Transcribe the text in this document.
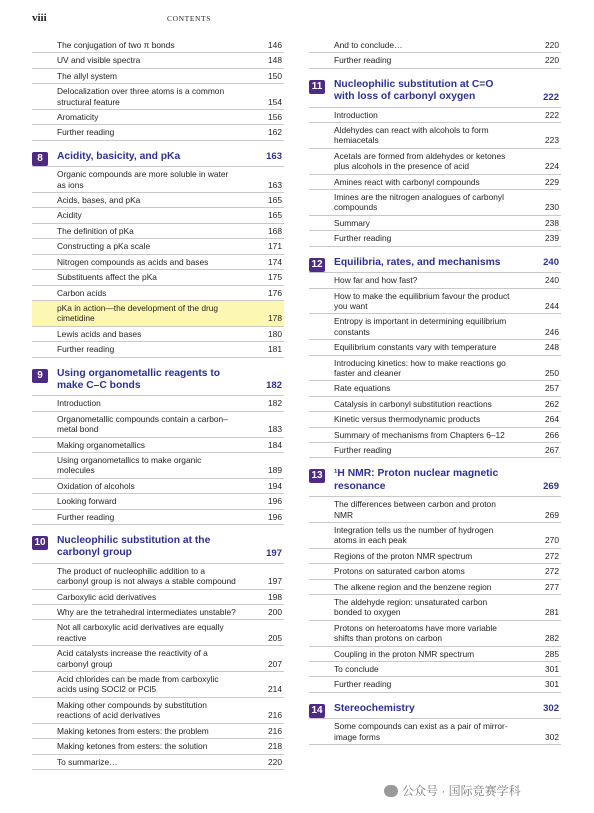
viii	CONTENTS
The conjugation of two π bonds	146
UV and visible spectra	148
The allyl system	150
Delocalization over three atoms is a common structural feature	154
Aromaticity	156
Further reading	162
8	Acidity, basicity, and pKa	163
Organic compounds are more soluble in water as ions	163
Acids, bases, and pKa	165
Acidity	165
The definition of pKa	168
Constructing a pKa scale	171
Nitrogen compounds as acids and bases	174
Substituents affect the pKa	175
Carbon acids	176
pKa in action—the development of the drug cimetidine	178
Lewis acids and bases	180
Further reading	181
9	Using organometallic reagents to make C–C bonds	182
Introduction	182
Organometallic compounds contain a carbon–metal bond	183
Making organometallics	184
Using organometallics to make organic molecules	189
Oxidation of alcohols	194
Looking forward	196
Further reading	196
10 Nucleophilic substitution at the carbonyl group	197
The product of nucleophilic addition to a carbonyl group is not always a stable compound	197
Carboxylic acid derivatives	198
Why are the tetrahedral intermediates unstable?	200
Not all carboxylic acid derivatives are equally reactive	205
Acid catalysts increase the reactivity of a carbonyl group	207
Acid chlorides can be made from carboxylic acids using SOCl2 or PCl5	214
Making other compounds by substitution reactions of acid derivatives	216
Making ketones from esters: the problem	216
Making ketones from esters: the solution	218
To summarize…	220
And to conclude…	220
Further reading	220
11 Nucleophilic substitution at C=O with loss of carbonyl oxygen	222
Introduction	222
Aldehydes can react with alcohols to form hemiacetals	223
Acetals are formed from aldehydes or ketones plus alcohols in the presence of acid	224
Amines react with carbonyl compounds	229
Imines are the nitrogen analogues of carbonyl compounds	230
Summary	238
Further reading	239
12 Equilibria, rates, and mechanisms	240
How far and how fast?	240
How to make the equilibrium favour the product you want	244
Entropy is important in determining equilibrium constants	246
Equilibrium constants vary with temperature	248
Introducing kinetics: how to make reactions go faster and cleaner	250
Rate equations	257
Catalysis in carbonyl substitution reactions	262
Kinetic versus thermodynamic products	264
Summary of mechanisms from Chapters 6–12	266
Further reading	267
13 ¹H NMR: Proton nuclear magnetic resonance	269
The differences between carbon and proton NMR	269
Integration tells us the number of hydrogen atoms in each peak	270
Regions of the proton NMR spectrum	272
Protons on saturated carbon atoms	272
The alkene region and the benzene region	277
The aldehyde region: unsaturated carbon bonded to oxygen	281
Protons on heteroatoms have more variable shifts than protons on carbon	282
Coupling in the proton NMR spectrum	285
To conclude	301
Further reading	301
14 Stereochemistry	302
Some compounds can exist as a pair of mirror-image forms	302
公众号 · 国际竞赛学科
